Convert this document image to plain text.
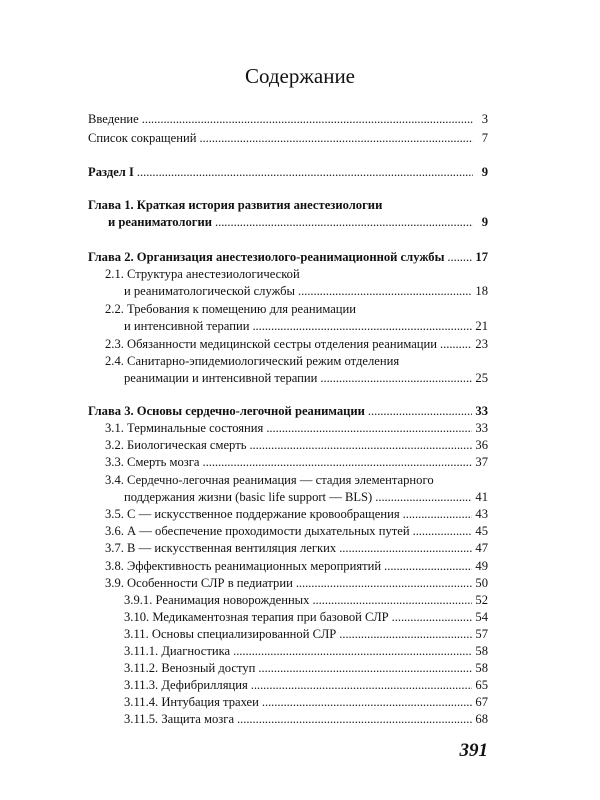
Содержание
Введение . . .	3
Список сокращений . . .	7
Раздел I . . .	9
Глава 1. Краткая история развития анестезиологии
и реаниматологии . . .	9
Глава 2. Организация анестезиолого-реанимационной службы . . . 17
2.1. Структура анестезиологической
и реаниматологической службы . . .	18
2.2. Требования к помещению для реанимации
и интенсивной терапии . . .	21
2.3. Обязанности медицинской сестры отделения реанимации . . .	23
2.4. Санитарно-эпидемиологический режим отделения
реанимации и интенсивной терапии . . .	25
Глава 3. Основы сердечно-легочной реанимации . . .	33
3.1. Терминальные состояния . . .	33
3.2. Биологическая смерть . . .	36
3.3. Смерть мозга . . .	37
3.4. Сердечно-легочная реанимация — стадия элементарного
поддержания жизни (basic life support — BLS) . . .	41
3.5. С — искусственное поддержание кровообращения . . .	43
3.6. А — обеспечение проходимости дыхательных путей . . .	45
3.7. В — искусственная вентиляция легких . . .	47
3.8. Эффективность реанимационных мероприятий . . .	49
3.9. Особенности СЛР в педиатрии . . .	50
3.9.1. Реанимация новорожденных . . .	52
3.10. Медикаментозная терапия при базовой СЛР . . .	54
3.11. Основы специализированной СЛР . . .	57
3.11.1. Диагностика . . .	58
3.11.2. Венозный доступ . . .	58
3.11.3. Дефибрилляция . . .	65
3.11.4. Интубация трахеи . . .	67
3.11.5. Защита мозга . . .	68
391
